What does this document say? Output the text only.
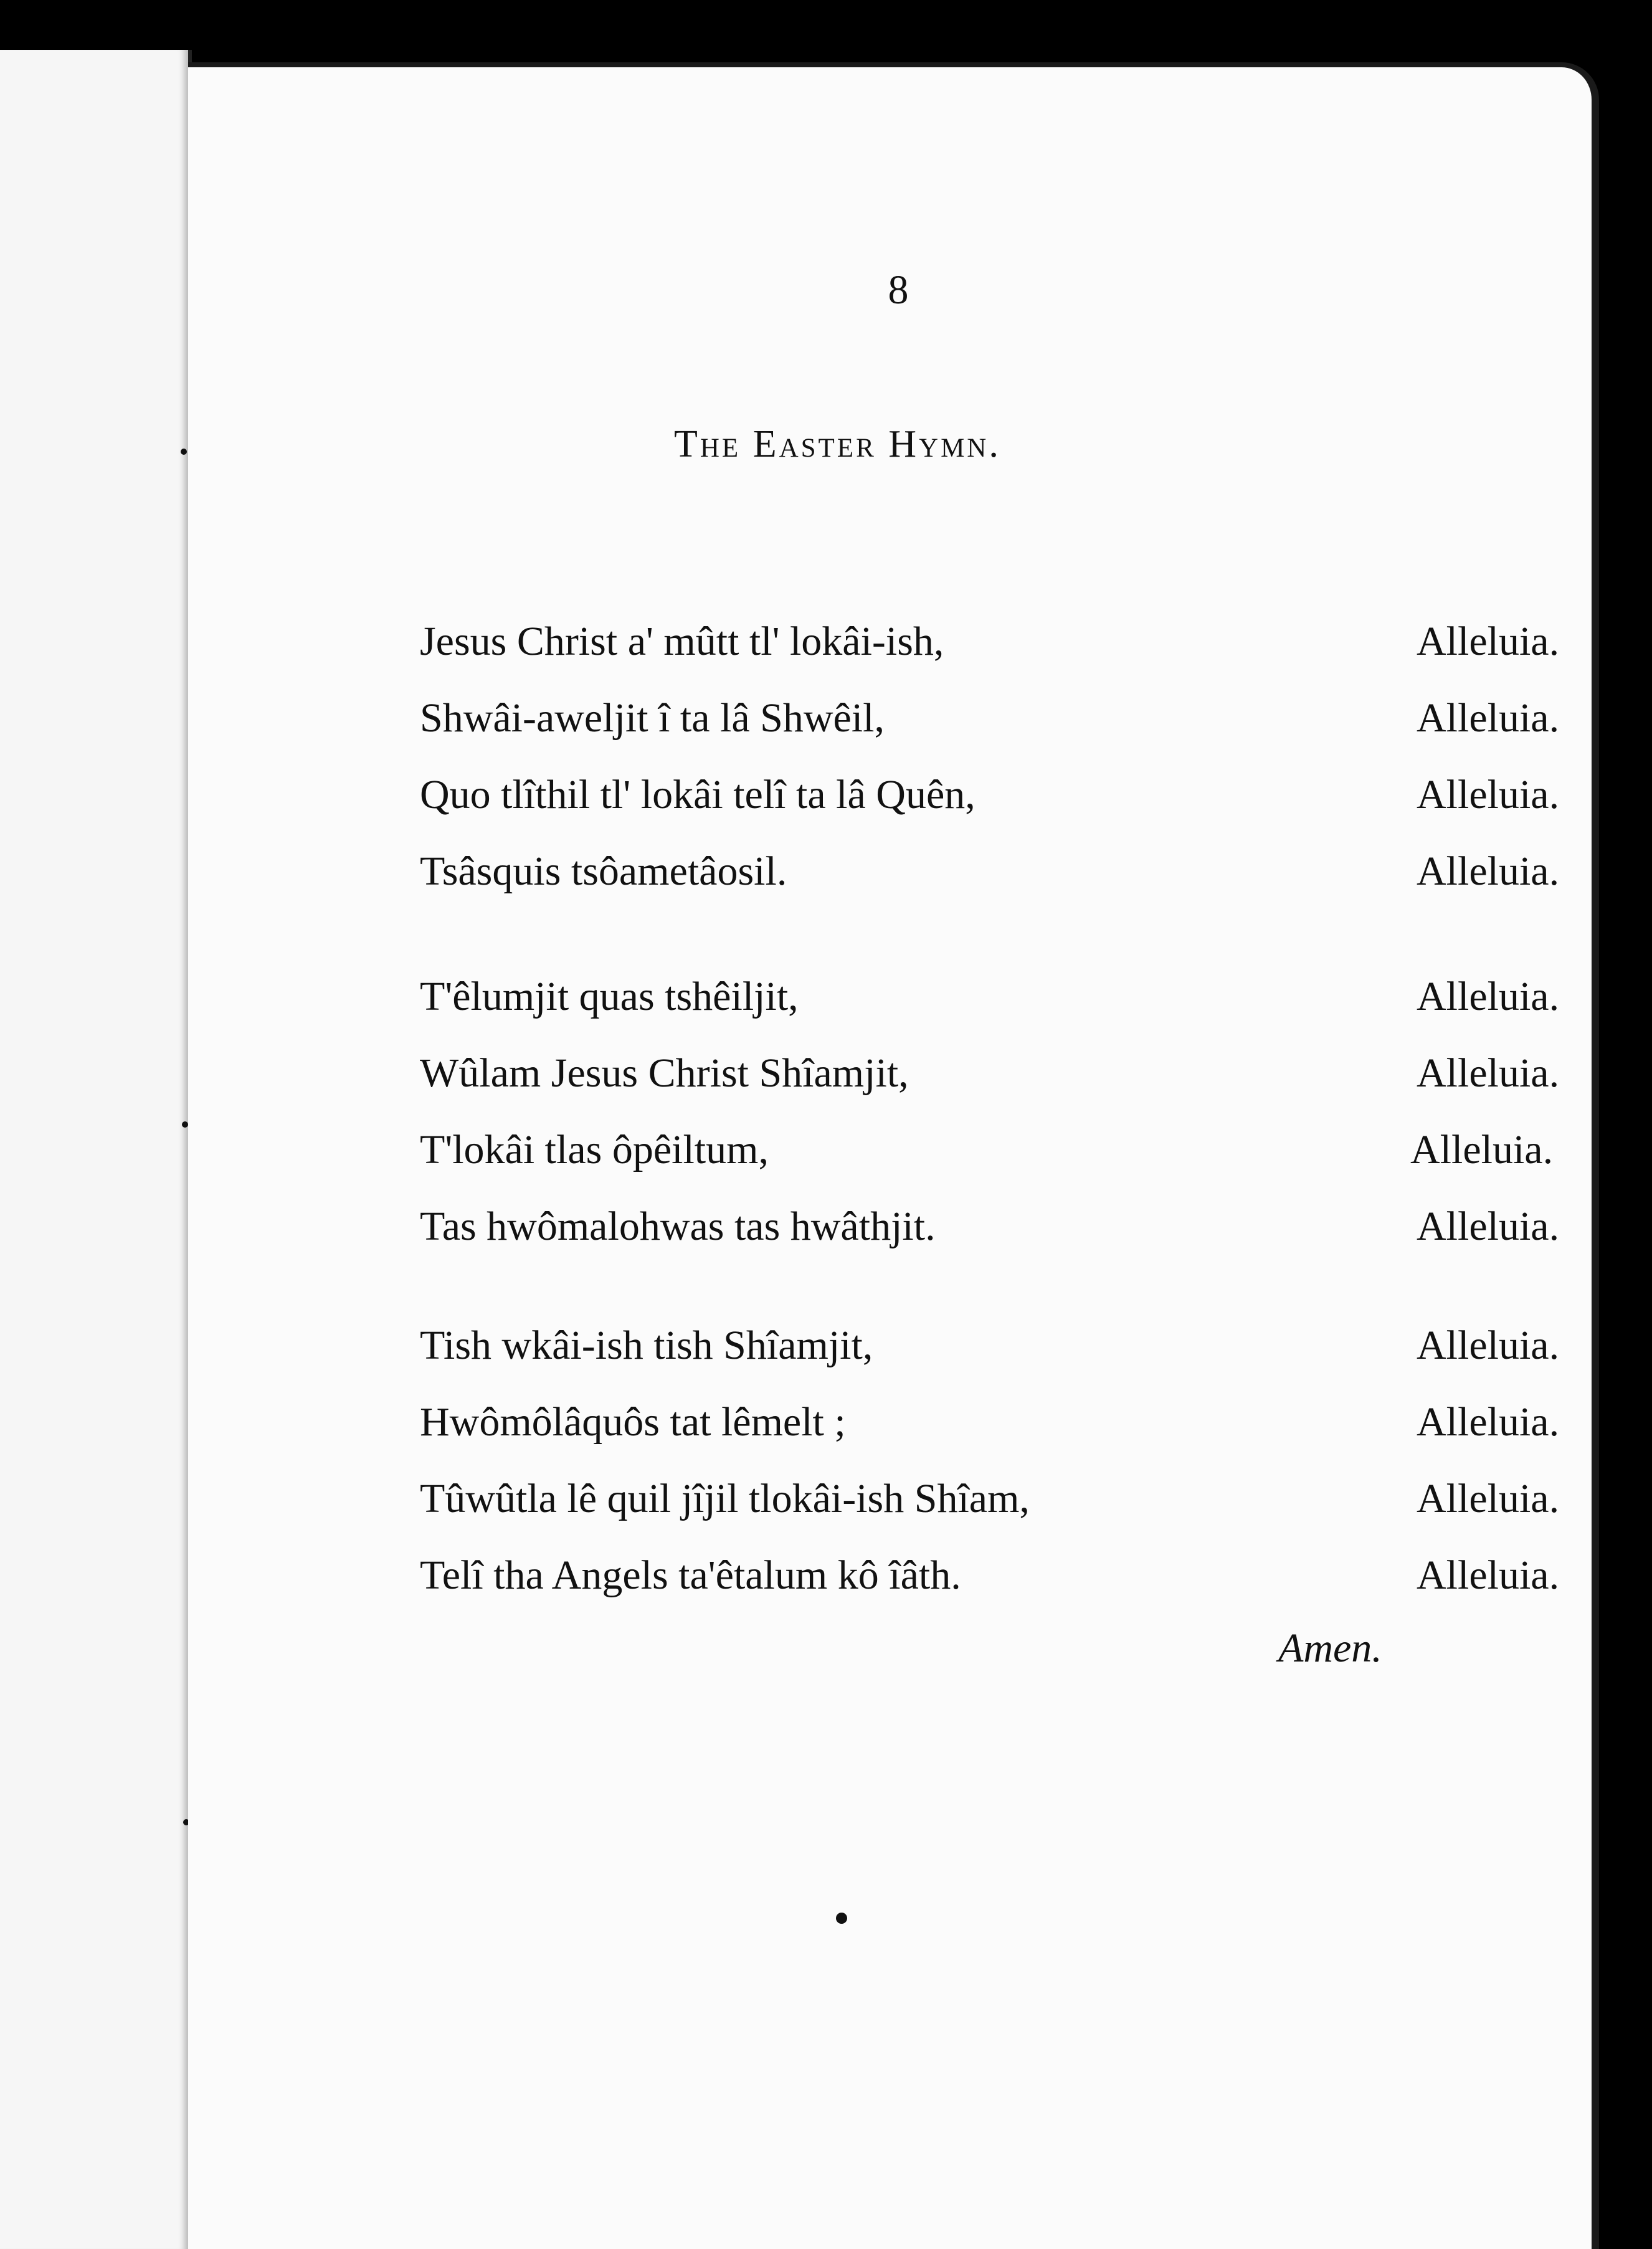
8
The Easter Hymn.
Jesus Christ a' mûtt tl' lokâi-ish,	Alleluia.
Shwâi-aweljit î ta lâ Shwêil,	Alleluia.
Quo tlîthil tl' lokâi telî ta lâ Quên,	Alleluia.
Tsâsquis tsôametâosil.	Alleluia.
T'êlumjit quas tshêiljit,	Alleluia.
Wûlam Jesus Christ Shîamjit,	Alleluia.
T'lokâi tlas ôpêiltum,	Alleluia.
Tas hwômalohwas tas hwâthjit.	Alleluia.
Tish wkâi-ish tish Shîamjit,	Alleluia.
Hwômôlâquôs tat lêmelt ;	Alleluia.
Tûwûtla lê quil jîjil tlokâi-ish Shîam,	Alleluia.
Telî tha Angels ta'êtalum kô îâth.	Alleluia.
Amen.
